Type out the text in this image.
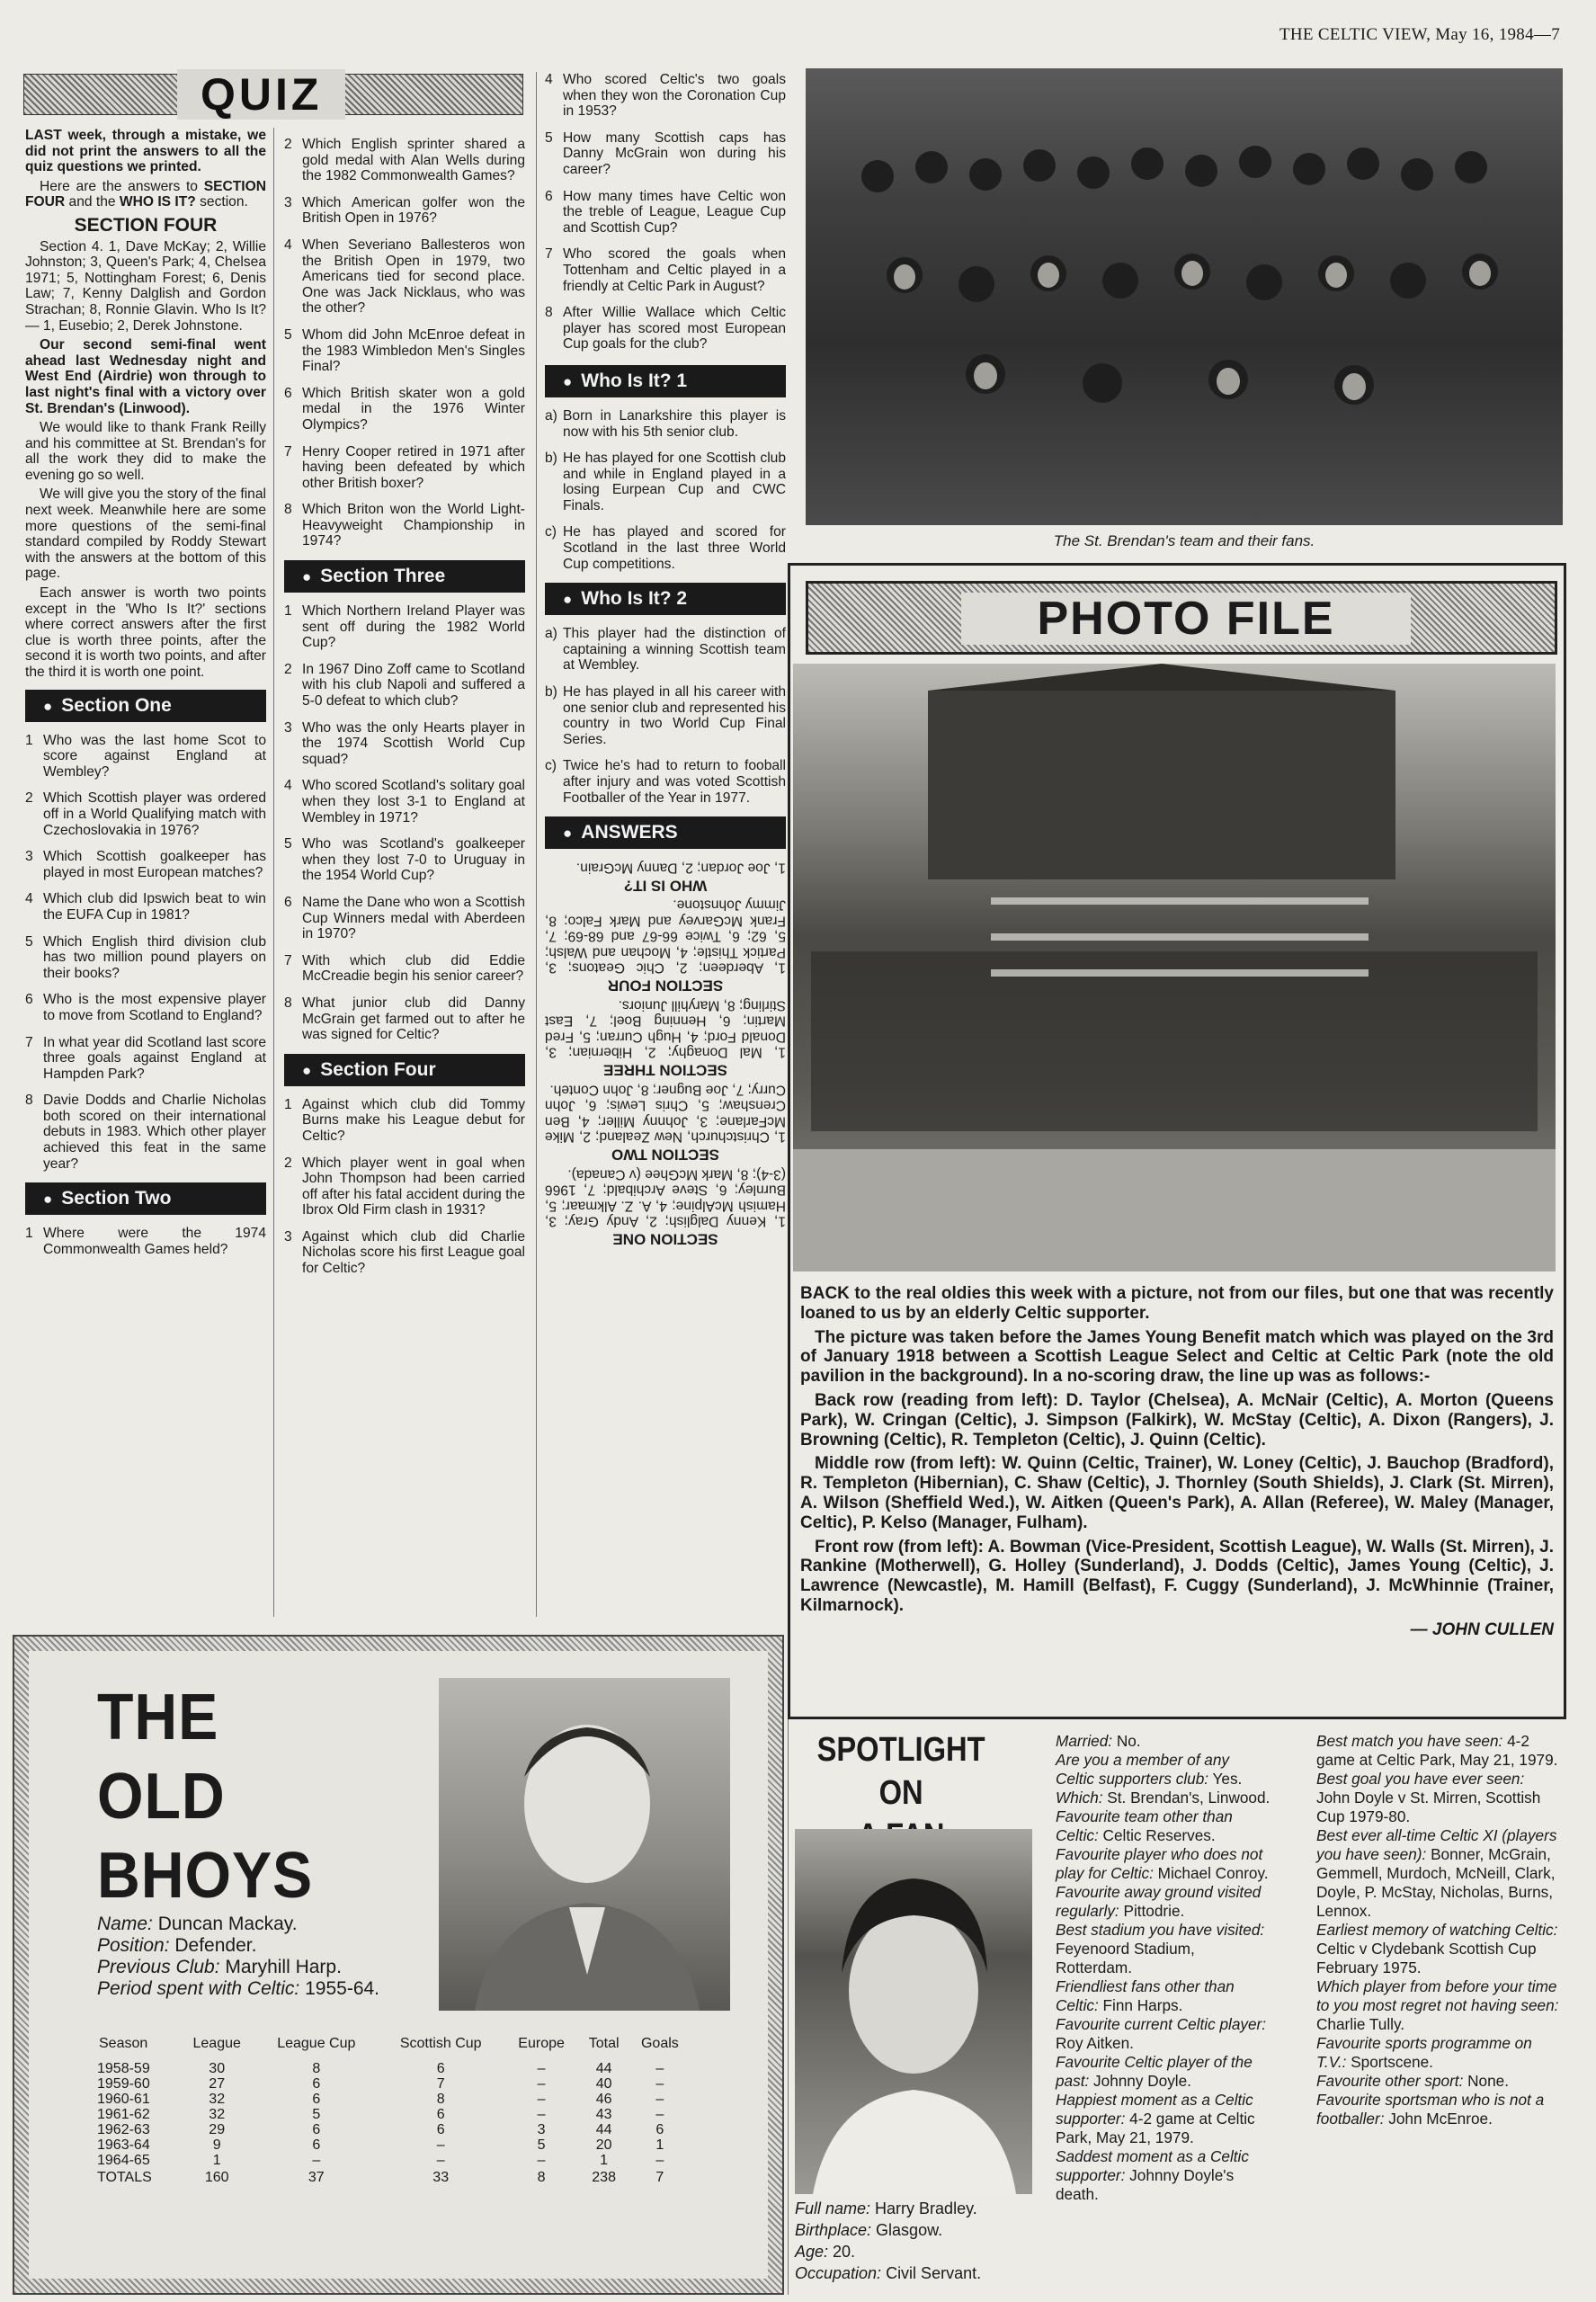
THE CELTIC VIEW, May 16, 1984—7
QUIZ

LAST week, through a mistake, we did not print the answers to all the quiz questions we printed.

Here are the answers to SECTION FOUR and the WHO IS IT? section.

SECTION FOUR

Section 4. 1, Dave McKay; 2, Willie Johnston; 3, Queen's Park; 4, Chelsea 1971; 5, Nottingham Forest; 6, Denis Law; 7, Kenny Dalglish and Gordon Strachan; 8, Ronnie Glavin. Who Is It? — 1, Eusebio; 2, Derek Johnstone.

Our second semi-final went ahead last Wednesday night and West End (Airdrie) won through to last night's final with a victory over St. Brendan's (Linwood).

We would like to thank Frank Reilly and his committee at St. Brendan's for all the work they did to make the evening go so well.

We will give you the story of the final next week. Meanwhile here are some more questions of the semi-final standard compiled by Roddy Stewart with the answers at the bottom of this page.

Each answer is worth two points except in the 'Who Is It?' sections where correct answers after the first clue is worth three points, after the second it is worth two points, and after the third it is worth one point.

● Section One
1 Who was the last home Scot to score against England at Wembley?
2 Which Scottish player was ordered off in a World Qualifying match with Czechoslovakia in 1976?
3 Which Scottish goalkeeper has played in most European matches?
4 Which club did Ipswich beat to win the EUFA Cup in 1981?
5 Which English third division club has two million pound players on their books?
6 Who is the most expensive player to move from Scotland to England?
7 In what year did Scotland last score three goals against England at Hampden Park?
8 Davie Dodds and Charlie Nicholas both scored on their international debuts in 1983. Which other player achieved this feat in the same year?
● Section Two
1 Where were the 1974 Commonwealth Games held?
2 Which English sprinter shared a gold medal with Alan Wells during the 1982 Commonwealth Games?
3 Which American golfer won the British Open in 1976?
4 When Severiano Ballesteros won the British Open in 1979, two Americans tied for second place. One was Jack Nicklaus, who was the other?
5 Whom did John McEnroe defeat in the 1983 Wimbledon Men's Singles Final?
6 Which British skater won a gold medal in the 1976 Winter Olympics?
7 Henry Cooper retired in 1971 after having been defeated by which other British boxer?
8 Which Briton won the World Light-Heavyweight Championship in 1974?
● Section Three
1 Which Northern Ireland Player was sent off during the 1982 World Cup?
2 In 1967 Dino Zoff came to Scotland with his club Napoli and suffered a 5-0 defeat to which club?
3 Who was the only Hearts player in the 1974 Scottish World Cup squad?
4 Who scored Scotland's solitary goal when they lost 3-1 to England at Wembley in 1971?
5 Who was Scotland's goalkeeper when they lost 7-0 to Uruguay in the 1954 World Cup?
6 Name the Dane who won a Scottish Cup Winners medal with Aberdeen in 1970?
7 With which club did Eddie McCreadie begin his senior career?
8 What junior club did Danny McGrain get farmed out to after he was signed for Celtic?
● Section Four
1 Against which club did Tommy Burns make his League debut for Celtic?
2 Which player went in goal when John Thompson had been carried off after his fatal accident during the Ibrox Old Firm clash in 1931?
3 Against which club did Charlie Nicholas score his first League goal for Celtic?
4 Who scored Celtic's two goals when they won the Coronation Cup in 1953?
5 How many Scottish caps has Danny McGrain won during his career?
6 How many times have Celtic won the treble of League, League Cup and Scottish Cup?
7 Who scored the goals when Tottenham and Celtic played in a friendly at Celtic Park in August?
8 After Willie Wallace which Celtic player has scored most European Cup goals for the club?
● Who Is It? 1
a) Born in Lanarkshire this player is now with his 5th senior club.
b) He has played for one Scottish club and while in England played in a losing Eurpean Cup and CWC Finals.
c) He has played and scored for Scotland in the last three World Cup competitions.
● Who Is It? 2
a) This player had the distinction of captaining a winning Scottish team at Wembley.
b) He has played in all his career with one senior club and represented his country in two World Cup Final Series.
c) Twice he's had to return to fooball after injury and was voted Scottish Footballer of the Year in 1977.
● ANSWERS
SECTION ONE

1, Kenny Dalglish; 2, Andy Gray; 3, Hamish McAlpine; 4, A. Z. Alkmaar; 5, Burnley; 6, Steve Archibald; 7, 1966 (3-4); 8, Mark McGhee (v Canada).

SECTION TWO

1, Christchurch, New Zealand; 2, Mike McFarlane; 3, Johnny Miller; 4, Ben Crenshaw; 5, Chris Lewis; 6, John Curry; 7, Joe Bugner; 8, John Conteh.

SECTION THREE

1, Mal Donaghy; 2, Hibernian; 3, Donald Ford; 4, Hugh Curran; 5, Fred Martin; 6, Henning Boel; 7, East Stirling; 8, Maryhill Juniors.

SECTION FOUR

1, Aberdeen; 2, Chic Geatons; 3, Partick Thistle; 4, Mochan and Walsh; 5, 62; 6, Twice 66-67 and 68-69; 7, Frank McGarvey and Mark Falco; 8, Jimmy Johnstone.

WHO IS IT?

1, Joe Jordan; 2, Danny McGrain.

The St. Brendan's team and their fans.
PHOTO FILE

BACK to the real oldies this week with a picture, not from our files, but one that was recently loaned to us by an elderly Celtic supporter.

The picture was taken before the James Young Benefit match which was played on the 3rd of January 1918 between a Scottish League Select and Celtic at Celtic Park (note the old pavilion in the background). In a no-scoring draw, the line up was as follows:-

Back row (reading from left): D. Taylor (Chelsea), A. McNair (Celtic), A. Morton (Queens Park), W. Cringan (Celtic), J. Simpson (Falkirk), W. McStay (Celtic), A. Dixon (Rangers), J. Browning (Celtic), R. Templeton (Celtic), J. Quinn (Celtic).

Middle row (from left): W. Quinn (Celtic, Trainer), W. Loney (Celtic), J. Bauchop (Bradford), R. Templeton (Hibernian), C. Shaw (Celtic), J. Thornley (South Shields), J. Clark (St. Mirren), A. Wilson (Sheffield Wed.), W. Aitken (Queen's Park), A. Allan (Referee), W. Maley (Manager, Celtic), P. Kelso (Manager, Fulham).

Front row (from left): A. Bowman (Vice-President, Scottish League), W. Walls (St. Mirren), J. Rankine (Motherwell), G. Holley (Sunderland), J. Dodds (Celtic), James Young (Celtic), J. Lawrence (Newcastle), M. Hamill (Belfast), F. Cuggy (Sunderland), J. McWhinnie (Trainer, Kilmarnock).

— JOHN CULLEN

THE
OLD
BHOYS
Name: Duncan Mackay.
Position: Defender.
Previous Club: Maryhill Harp.
Period spent with Celtic: 1955-64.
Season	League	League Cup	Scottish Cup	Europe	Total	Goals
1958-59	30	8	6	–	44	–
1959-60	27	6	7	–	40	–
1960-61	32	6	8	–	46	–
1961-62	32	5	6	–	43	–
1962-63	29	6	6	3	44	6
1963-64	9	6	–	5	20	1
1964-65	1	–	–	–	1	–
TOTALS	160	37	33	8	238	7
SPOTLIGHT ON
Full name: Harry Bradley.
Birthplace: Glasgow.
Age: 20.
Occupation: Civil Servant.

Married: No.

Are you a member of any Celtic supporters club: Yes.

Which: St. Brendan's, Linwood.

Favourite team other than Celtic: Celtic Reserves.

Favourite player who does not play for Celtic: Michael Conroy.

Favourite away ground visited regularly: Pittodrie.

Best stadium you have visited: Feyenoord Stadium, Rotterdam.

Friendliest fans other than Celtic: Finn Harps.

Favourite current Celtic player: Roy Aitken.

Favourite Celtic player of the past: Johnny Doyle.

Happiest moment as a Celtic supporter: 4-2 game at Celtic Park, May 21, 1979.

Saddest moment as a Celtic supporter: Johnny Doyle's death.

Best match you have seen: 4-2 game at Celtic Park, May 21, 1979.

Best goal you have ever seen: John Doyle v St. Mirren, Scottish Cup 1979-80.

Best ever all-time Celtic XI (players you have seen): Bonner, McGrain, Gemmell, Murdoch, McNeill, Clark, Doyle, P. McStay, Nicholas, Burns, Lennox.

Earliest memory of watching Celtic: Celtic v Clydebank Scottish Cup February 1975.

Which player from before your time to you most regret not having seen: Charlie Tully.

Favourite sports programme on T.V.: Sportscene.

Favourite other sport: None.

Favourite sportsman who is not a footballer: John McEnroe.
